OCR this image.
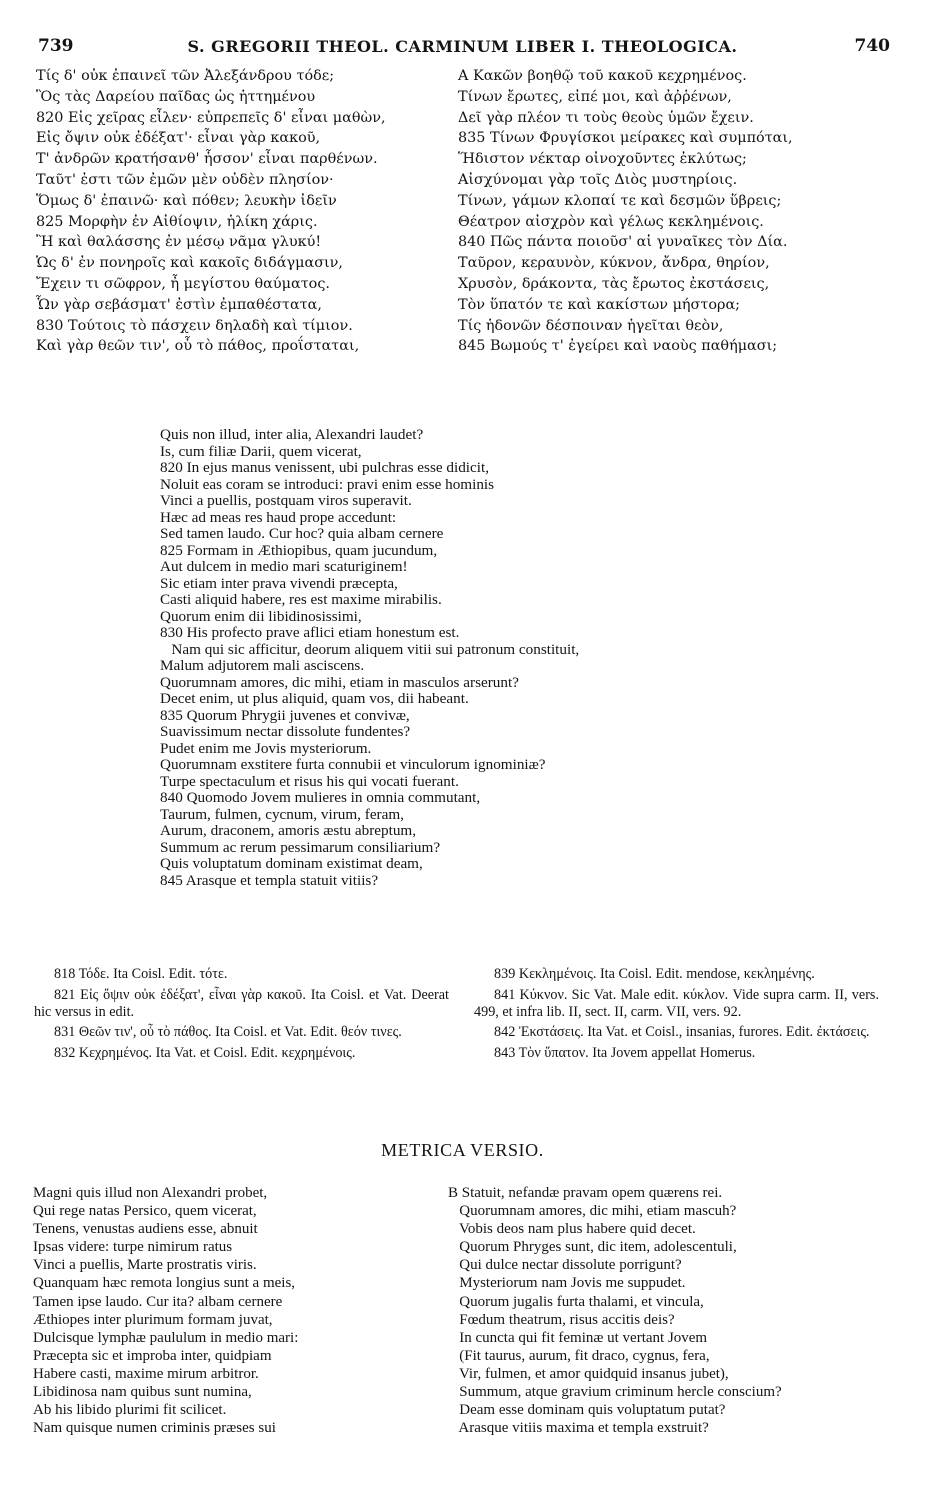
739	S. GREGORII THEOL. CARMINUM LIBER I. THEOLOGICA.	740
Τίς δ' οὐκ ἐπαινεῖ τῶν Ἀλεξάνδρου τόδε;
Ὃς τὰς Δαρείου παῖδας ὡς ἡττημένου
820 Εἰς χεῖρας εἶλεν· εὐπρεπεῖς δ' εἶναι μαθὼν,
Εἰς ὄψιν οὐκ ἐδέξατ'· εἶναι γὰρ κακοῦ,
Τ' ἀνδρῶν κρατήσανθ' ἧσσον' εἶναι παρθένων.
Ταῦτ' ἐστι τῶν ἐμῶν μὲν οὐδὲν πλησίον·
Ὅμως δ' ἐπαινῶ· καὶ πόθεν; λευκὴν ἰδεῖν
825 Μορφὴν ἐν Αἰθίοψιν, ἡλίκη χάρις.
Ἢ καὶ θαλάσσης ἐν μέσῳ νᾶμα γλυκύ!
Ὡς δ' ἐν πονηροῖς καὶ κακοῖς διδάγμασιν,
Ἔχειν τι σῶφρον, ἦ μεγίστου θαύματος.
Ὧν γὰρ σεβάσματ' ἐστὶν ἐμπαθέστατα,
830 Τούτοις τὸ πάσχειν δηλαδὴ καὶ τίμιον.
Καὶ γὰρ θεῶν τιν', οὗ τὸ πάθος, προΐσταται,
A Κακῶν βοηθῷ τοῦ κακοῦ κεχρημένος.
Τίνων ἔρωτες, εἰπέ μοι, καὶ ἀῤῥένων,
Δεῖ γὰρ πλέον τι τοὺς θεοὺς ὑμῶν ἔχειν.
835 Τίνων Φρυγίσκοι μείρακες καὶ συμπόται,
Ἥδιστον νέκταρ οἰνοχοῦντες ἐκλύτως;
Αἰσχύνομαι γὰρ τοῖς Διὸς μυστηρίοις.
Τίνων, γάμων κλοπαί τε καὶ δεσμῶν ὕβρεις;
Θέατρον αἰσχρὸν καὶ γέλως κεκλημένοις.
840 Πῶς πάντα ποιοῦσ' αἱ γυναῖκες τὸν Δία.
Ταῦρον, κεραυνὸν, κύκνον, ἄνδρα, θηρίον,
Χρυσὸν, δράκοντα, τὰς ἔρωτος ἐκστάσεις,
Τὸν ὕπατόν τε καὶ κακίστων μήστορα;
Τίς ἡδονῶν δέσποιναν ἡγεῖται θεὸν,
845 Βωμούς τ' ἐγείρει καὶ ναοὺς παθήμασι;
Quis non illud, inter alia, Alexandri laudet?
Is, cum filiæ Darii, quem vicerat,
820 In ejus manus venissent, ubi pulchras esse didicit,
Noluit eas coram se introduci: pravi enim esse hominis
Vinci a puellis, postquam viros superavit.
Hæc ad meas res haud prope accedunt:
Sed tamen laudo. Cur hoc? quia albam cernere
825 Formam in Æthiopibus, quam jucundum,
Aut dulcem in medio mari scaturiginem!
Sic etiam inter prava vivendi præcepta,
Casti aliquid habere, res est maxime mirabilis.
Quorum enim dii libidinosissimi,
830 His profecto prave aflici etiam honestum est.
Nam qui sic afficitur, deorum aliquem vitii sui patronum constituit,
Malum adjutorem mali asciscens.
Quorumnam amores, dic mihi, etiam in masculos arserunt?
Decet enim, ut plus aliquid, quam vos, dii habeant.
835 Quorum Phrygii juvenes et convivæ,
Suavissimum nectar dissolute fundentes?
Pudet enim me Jovis mysteriorum.
Quorumnam exstitere furta connubii et vinculorum ignominiæ?
Turpe spectaculum et risus his qui vocati fuerant.
840 Quomodo Jovem mulieres in omnia commutant,
Taurum, fulmen, cycnum, virum, feram,
Aurum, draconem, amoris æstu abreptum,
Summum ac rerum pessimarum consiliarium?
Quis voluptatum dominam existimat deam,
845 Arasque et templa statuit vitiis?

818 Τόδε. Ita Coisl. Edit. τότε.

821 Εἰς ὄψιν οὐκ ἐδέξατ', εἶναι γὰρ κακοῦ. Ita Coisl. et Vat. Deerat hic versus in edit.

831 Θεῶν τιν', οὗ τὸ πάθος. Ita Coisl. et Vat. Edit. θεόν τινες.

832 Κεχρημένος. Ita Vat. et Coisl. Edit. κεχρημένοις.

839 Κεκλημένοις. Ita Coisl. Edit. mendose, κεκλημένης.

841 Κύκνον. Sic Vat. Male edit. κύκλον. Vide supra carm. II, vers. 499, et infra lib. II, sect. II, carm. VII, vers. 92.

842 Ἐκστάσεις. Ita Vat. et Coisl., insanias, furores. Edit. ἐκτάσεις.

843 Τὸν ὕπατον. Ita Jovem appellat Homerus.

METRICA VERSIO.
Magni quis illud non Alexandri probet,
Qui rege natas Persico, quem vicerat,
Tenens, venustas audiens esse, abnuit
Ipsas videre: turpe nimirum ratus
Vinci a puellis, Marte prostratis viris.
Quanquam hæc remota longius sunt a meis,
Tamen ipse laudo. Cur ita? albam cernere
Æthiopes inter plurimum formam juvat,
Dulcisque lymphæ paululum in medio mari:
Præcepta sic et improba inter, quidpiam
Habere casti, maxime mirum arbitror.
Libidinosa nam quibus sunt numina,
Ab his libido plurimi fit scilicet.
Nam quisque numen criminis præses sui
B Statuit, nefandæ pravam opem quærens rei.
Quorumnam amores, dic mihi, etiam mascuh?
Vobis deos nam plus habere quid decet.
Quorum Phryges sunt, dic item, adolescentuli,
Qui dulce nectar dissolute porrigunt?
Mysteriorum nam Jovis me suppudet.
Quorum jugalis furta thalami, et vincula,
Fœdum theatrum, risus accitis deis?
In cuncta qui fit feminæ ut vertant Jovem
(Fit taurus, aurum, fit draco, cygnus, fera,
Vir, fulmen, et amor quidquid insanus jubet),
Summum, atque gravium criminum hercle conscium?
Deam esse dominam quis voluptatum putat?
Arasque vitiis maxima et templa exstruit?
